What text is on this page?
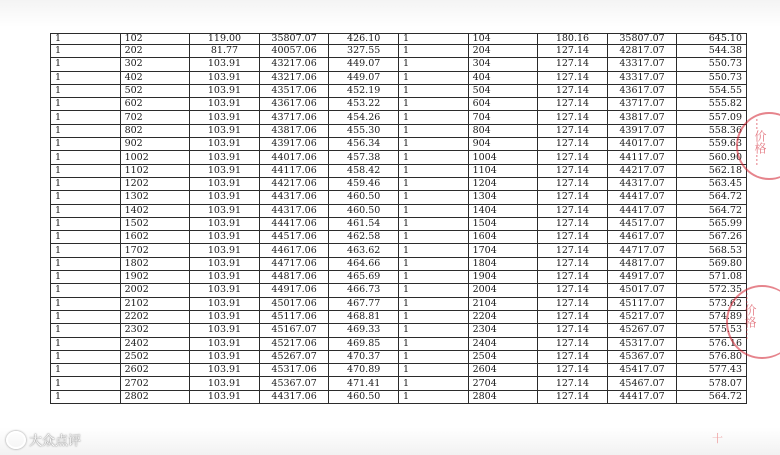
1	102	119.00	35807.07	426.10	1	104	180.16	35807.07	645.10
1	202	81.77	40057.06	327.55	1	204	127.14	42817.07	544.38
1	302	103.91	43217.06	449.07	1	304	127.14	43317.07	550.73
1	402	103.91	43217.06	449.07	1	404	127.14	43317.07	550.73
1	502	103.91	43517.06	452.19	1	504	127.14	43617.07	554.55
1	602	103.91	43617.06	453.22	1	604	127.14	43717.07	555.82
1	702	103.91	43717.06	454.26	1	704	127.14	43817.07	557.09
1	802	103.91	43817.06	455.30	1	804	127.14	43917.07	558.36
1	902	103.91	43917.06	456.34	1	904	127.14	44017.07	559.63
1	1002	103.91	44017.06	457.38	1	1004	127.14	44117.07	560.90
1	1102	103.91	44117.06	458.42	1	1104	127.14	44217.07	562.18
1	1202	103.91	44217.06	459.46	1	1204	127.14	44317.07	563.45
1	1302	103.91	44317.06	460.50	1	1304	127.14	44417.07	564.72
1	1402	103.91	44317.06	460.50	1	1404	127.14	44417.07	564.72
1	1502	103.91	44417.06	461.54	1	1504	127.14	44517.07	565.99
1	1602	103.91	44517.06	462.58	1	1604	127.14	44617.07	567.26
1	1702	103.91	44617.06	463.62	1	1704	127.14	44717.07	568.53
1	1802	103.91	44717.06	464.66	1	1804	127.14	44817.07	569.80
1	1902	103.91	44817.06	465.69	1	1904	127.14	44917.07	571.08
1	2002	103.91	44917.06	466.73	1	2004	127.14	45017.07	572.35
1	2102	103.91	45017.06	467.77	1	2104	127.14	45117.07	573.62
1	2202	103.91	45117.06	468.81	1	2204	127.14	45217.07	574.89
1	2302	103.91	45167.07	469.33	1	2304	127.14	45267.07	575.53
1	2402	103.91	45217.06	469.85	1	2404	127.14	45317.07	576.16
1	2502	103.91	45267.07	470.37	1	2504	127.14	45367.07	576.80
1	2602	103.91	45317.06	470.89	1	2604	127.14	45417.07	577.43
1	2702	103.91	45367.07	471.41	1	2704	127.14	45467.07	578.07
1	2802	103.91	44317.06	460.50	1	2804	127.14	44417.07	564.72
…价格…
…价格…
大众点评	十
